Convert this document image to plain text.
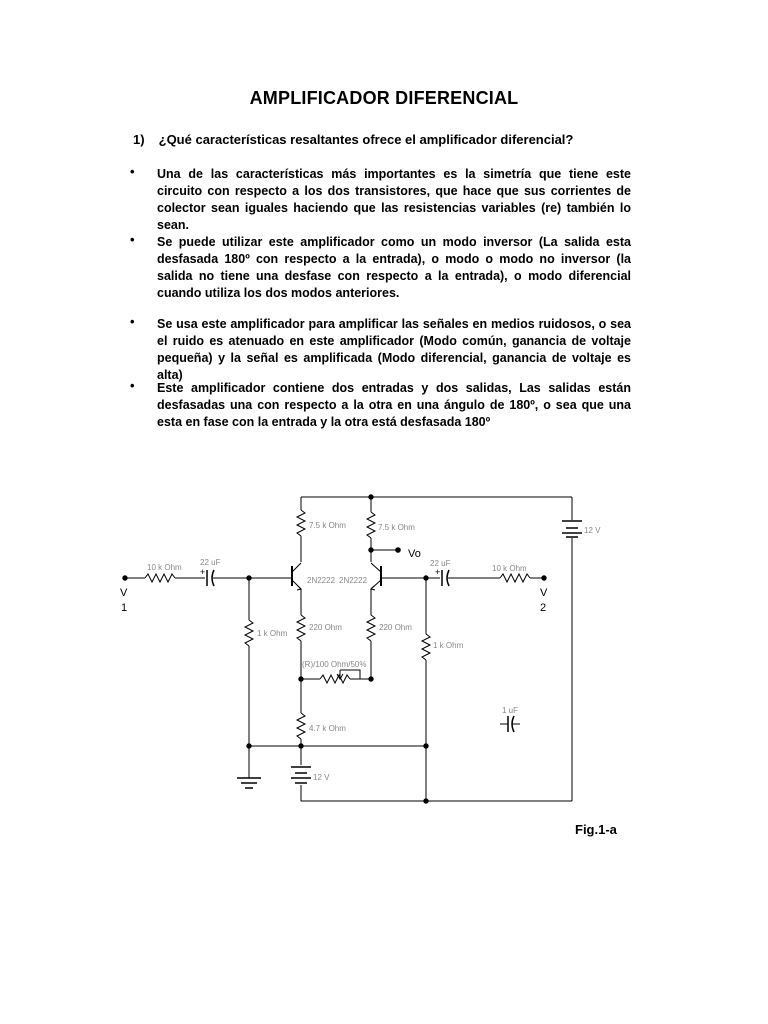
AMPLIFICADOR DIFERENCIAL
1) ¿Qué características resaltantes ofrece el amplificador diferencial?
• Una de las características más importantes es la simetría que tiene este circuito con respecto a los dos transistores, que hace que sus corrientes de colector sean iguales haciendo que las resistencias variables (re) también lo sean.
• Se puede utilizar este amplificador como un modo inversor (La salida esta desfasada 180º con respecto a la entrada), o modo o modo no inversor (la salida no tiene una desfase con respecto a la entrada), o modo diferencial cuando utiliza los dos modos anteriores.
• Se usa este amplificador para amplificar las señales en medios ruidosos, o sea el ruido es atenuado en este amplificador (Modo común, ganancia de voltaje pequeña) y la señal es amplificada (Modo diferencial, ganancia de voltaje es alta)
• Este amplificador contiene dos entradas y dos salidas, Las salidas están desfasadas una con respecto a la otra en una ángulo de 180º, o sea que una esta en fase con la entrada y la otra está desfasada 180º
7.5 k Ohm	7.5 k Ohm	12 V
10 k Ohm
22 uF	22 uF
10 k Ohm
2N2222 2N2222
1 k Ohm
220 Ohm	220 Ohm
1 k Ohm
(R)/100 Ohm/50%
4.7 k Ohm
12 V
1 uF
Vo
V
1
V
2
+	+
Fig.1-a
